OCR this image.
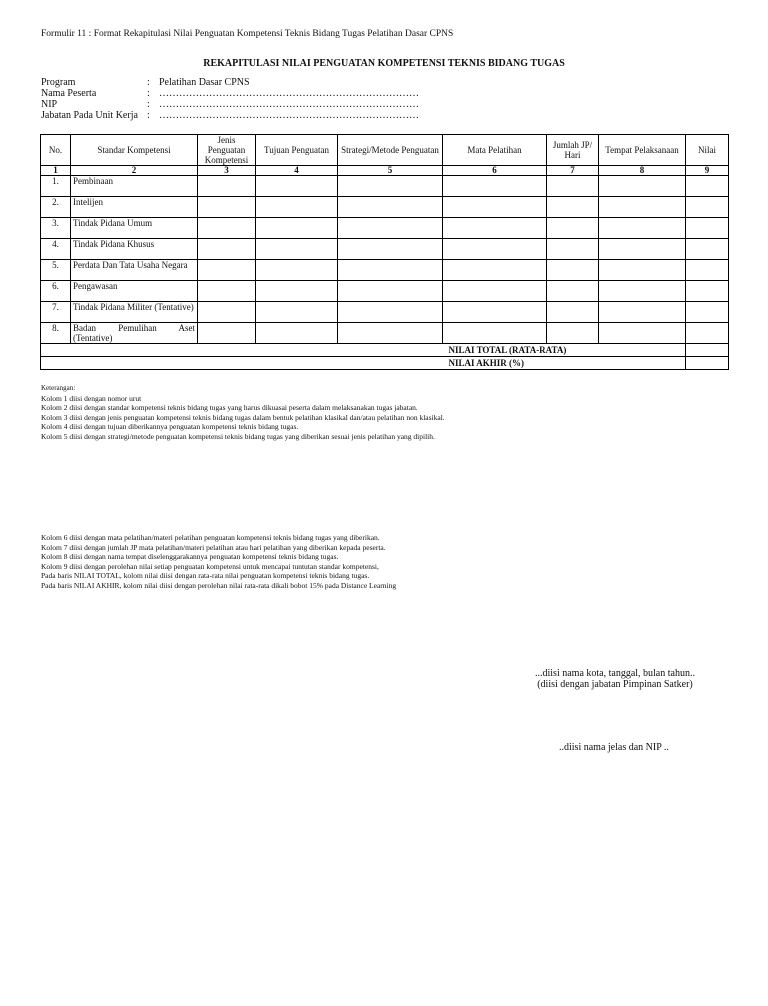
Formulir 11 : Format Rekapitulasi Nilai Penguatan Kompetensi Teknis Bidang Tugas Pelatihan Dasar CPNS
REKAPITULASI NILAI PENGUATAN KOMPETENSI TEKNIS BIDANG TUGAS
Program	: Pelatihan Dasar CPNS
Nama Peserta	: ……………………………………………………………………
NIP	: ……………………………………………………………………
Jabatan Pada Unit Kerja : ……………………………………………………………………
No.	Standar Kompetensi	Jenis Penguatan Kompetensi	Tujuan Penguatan	Strategi/Metode Penguatan	Mata Pelatihan	Jumlah JP/ Hari	Tempat Pelaksanaan	Nilai
1	2	3	4	5	6	7	8	9
1.	Pembinaan							
2.	Intelijen							
3.	Tindak Pidana Umum							
4.	Tindak Pidana Khusus							
5.	Perdata Dan Tata Usaha Negara							
6.	Pengawasan							
7.	Tindak Pidana Militer (Tentative)							
8.	Badan Pemulihan Aset (Tentative)							
					NILAI TOTAL (RATA-RATA)			
					NILAI AKHIR (%)			
Keterangan:
Kolom 1 diisi dengan nomor urut
Kolom 2 diisi dengan standar kompetensi teknis bidang tugas yang harus dikuasai peserta dalam melaksanakan tugas jabatan.
Kolom 3 diisi dengan jenis penguatan kompetensi teknis bidang tugas dalam bentuk pelatihan klasikal dan/atau pelatihan non klasikal.
Kolom 4 diisi dengan tujuan diberikannya penguatan kompetensi teknis bidang tugas.
Kolom 5 diisi dengan strategi/metode penguatan kompetensi teknis bidang tugas yang diberikan sesuai jenis pelatihan yang dipilih.
Kolom 6 diisi dengan mata pelatihan/materi pelatihan penguatan kompetensi teknis bidang tugas yang diberikan.
Kolom 7 diisi dengan jumlah JP mata pelatihan/materi pelatihan atau hari pelatihan yang diberikan kepada peserta.
Kolom 8 diisi dengan nama tempat diselenggarakannya penguatan kompetensi teknis bidang tugas.
Kolom 9 diisi dengan perolehan nilai setiap penguatan kompetensi untuk mencapai tuntutan standar kompetensi,
Pada baris NILAI TOTAL, kolom nilai diisi dengan rata-rata nilai penguatan kompetensi teknis bidang tugas.
Pada baris NILAI AKHIR, kolom nilai diisi dengan perolehan nilai rata-rata dikali bobot 15% pada Distance Learning
...diisi nama kota, tanggal, bulan tahun..
(diisi dengan jabatan Pimpinan Satker)
..diisi nama jelas dan NIP ..
